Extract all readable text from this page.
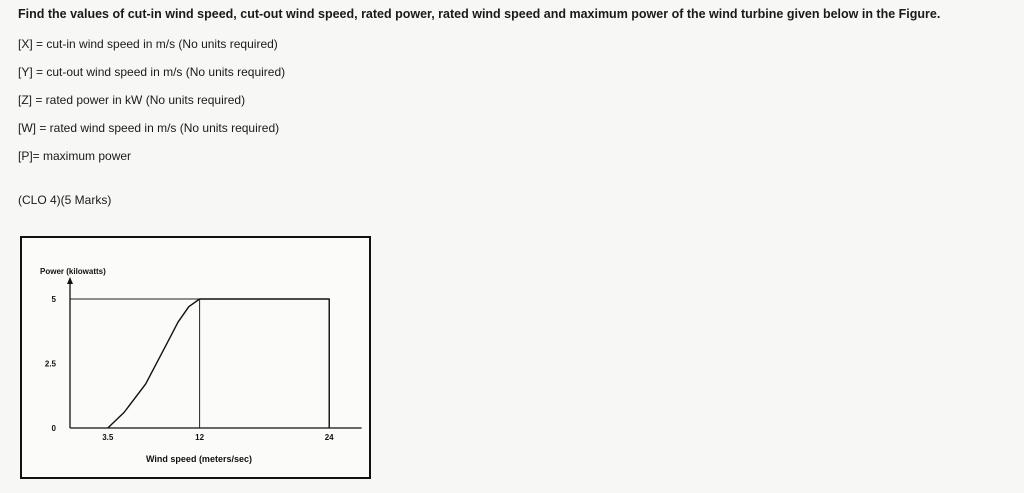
Find the values of cut-in wind speed, cut-out wind speed, rated power, rated wind speed and maximum power of the wind turbine given below in the Figure.
[X] = cut-in wind speed in m/s (No units required)
[Y] = cut-out wind speed in m/s (No units required)
[Z] = rated power in kW (No units required)
[W] = rated wind speed in m/s (No units required)
[P]= maximum power
(CLO 4)(5 Marks)
Power (kilowatts)
Wind speed (meters/sec)
5
2.5
0
3.5	12	24
